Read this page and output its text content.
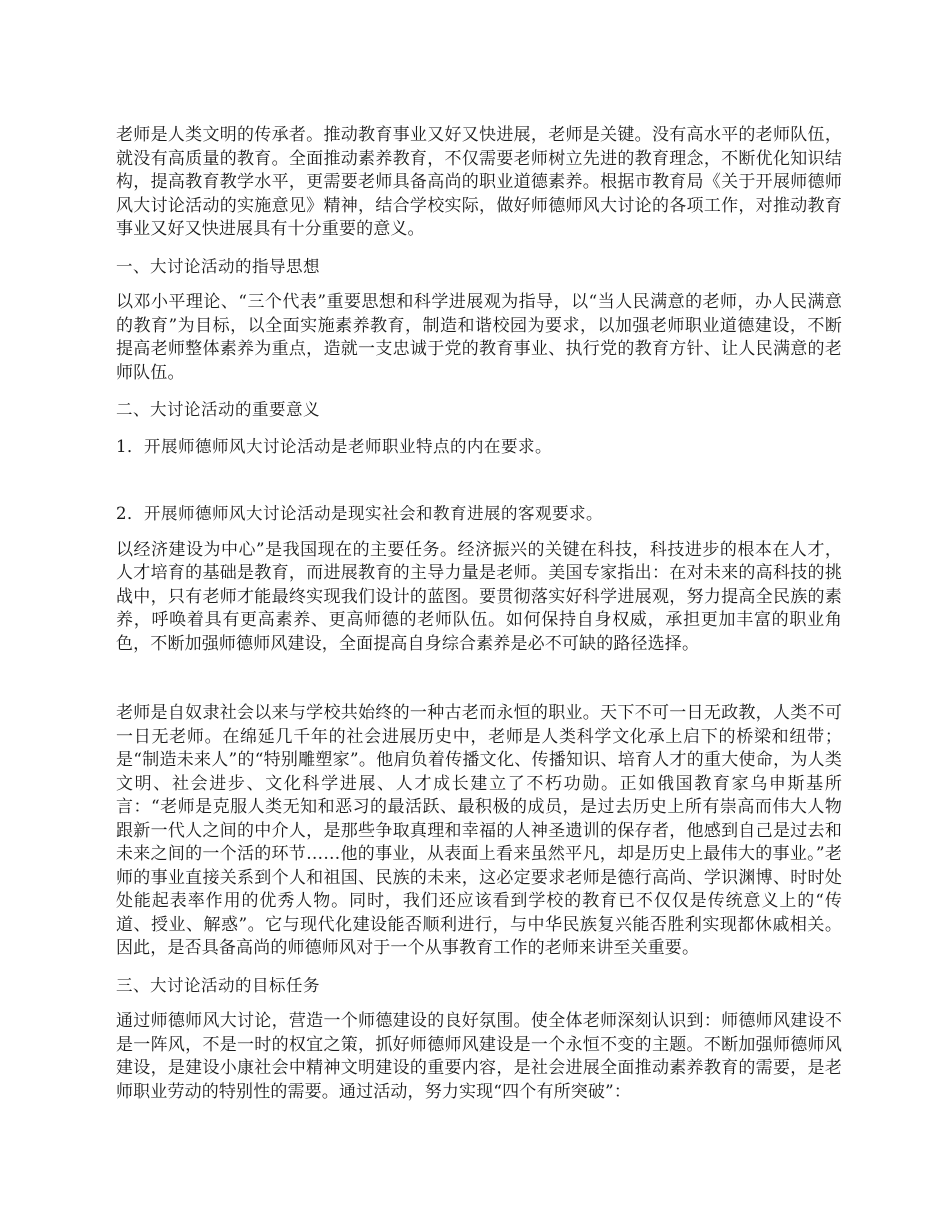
老师是人类文明的传承者。推动教育事业又好又快进展，老师是关键。没有高水平的老师队伍，就没有高质量的教育。全面推动素养教育，不仅需要老师树立先进的教育理念，不断优化知识结构，提高教育教学水平，更需要老师具备高尚的职业道德素养。根据市教育局《关于开展师德师风大讨论活动的实施意见》精神，结合学校实际，做好师德师风大讨论的各项工作，对推动教育事业又好又快进展具有十分重要的意义。

一、大讨论活动的指导思想

以邓小平理论、“三个代表”重要思想和科学进展观为指导，以“当人民满意的老师，办人民满意的教育”为目标，以全面实施素养教育，制造和谐校园为要求，以加强老师职业道德建设，不断提高老师整体素养为重点，造就一支忠诚于党的教育事业、执行党的教育方针、让人民满意的老师队伍。

二、大讨论活动的重要意义

1．开展师德师风大讨论活动是老师职业特点的内在要求。

2．开展师德师风大讨论活动是现实社会和教育进展的客观要求。

以经济建设为中心”是我国现在的主要任务。经济振兴的关键在科技，科技进步的根本在人才，人才培育的基础是教育，而进展教育的主导力量是老师。美国专家指出：在对未来的高科技的挑战中，只有老师才能最终实现我们设计的蓝图。要贯彻落实好科学进展观，努力提高全民族的素养，呼唤着具有更高素养、更高师德的老师队伍。如何保持自身权威，承担更加丰富的职业角色，不断加强师德师风建设，全面提高自身综合素养是必不可缺的路径选择。

老师是自奴隶社会以来与学校共始终的一种古老而永恒的职业。天下不可一日无政教，人类不可一日无老师。在绵延几千年的社会进展历史中，老师是人类科学文化承上启下的桥梁和纽带；是“制造未来人”的“特别雕塑家”。他肩负着传播文化、传播知识、培育人才的重大使命，为人类文明、社会进步、文化科学进展、人才成长建立了不朽功勋。正如俄国教育家乌申斯基所言：“老师是克服人类无知和恶习的最活跃、最积极的成员，是过去历史上所有崇高而伟大人物跟新一代人之间的中介人，是那些争取真理和幸福的人神圣遗训的保存者，他感到自己是过去和未来之间的一个活的环节……他的事业，从表面上看来虽然平凡，却是历史上最伟大的事业。”老师的事业直接关系到个人和祖国、民族的未来，这必定要求老师是德行高尚、学识渊博、时时处处能起表率作用的优秀人物。同时，我们还应该看到学校的教育已不仅仅是传统意义上的“传道、授业、解惑”。它与现代化建设能否顺利进行，与中华民族复兴能否胜利实现都休戚相关。因此，是否具备高尚的师德师风对于一个从事教育工作的老师来讲至关重要。

三、大讨论活动的目标任务

通过师德师风大讨论，营造一个师德建设的良好氛围。使全体老师深刻认识到：师德师风建设不是一阵风，不是一时的权宜之策，抓好师德师风建设是一个永恒不变的主题。不断加强师德师风建设，是建设小康社会中精神文明建设的重要内容，是社会进展全面推动素养教育的需要，是老师职业劳动的特别性的需要。通过活动，努力实现“四个有所突破”：
